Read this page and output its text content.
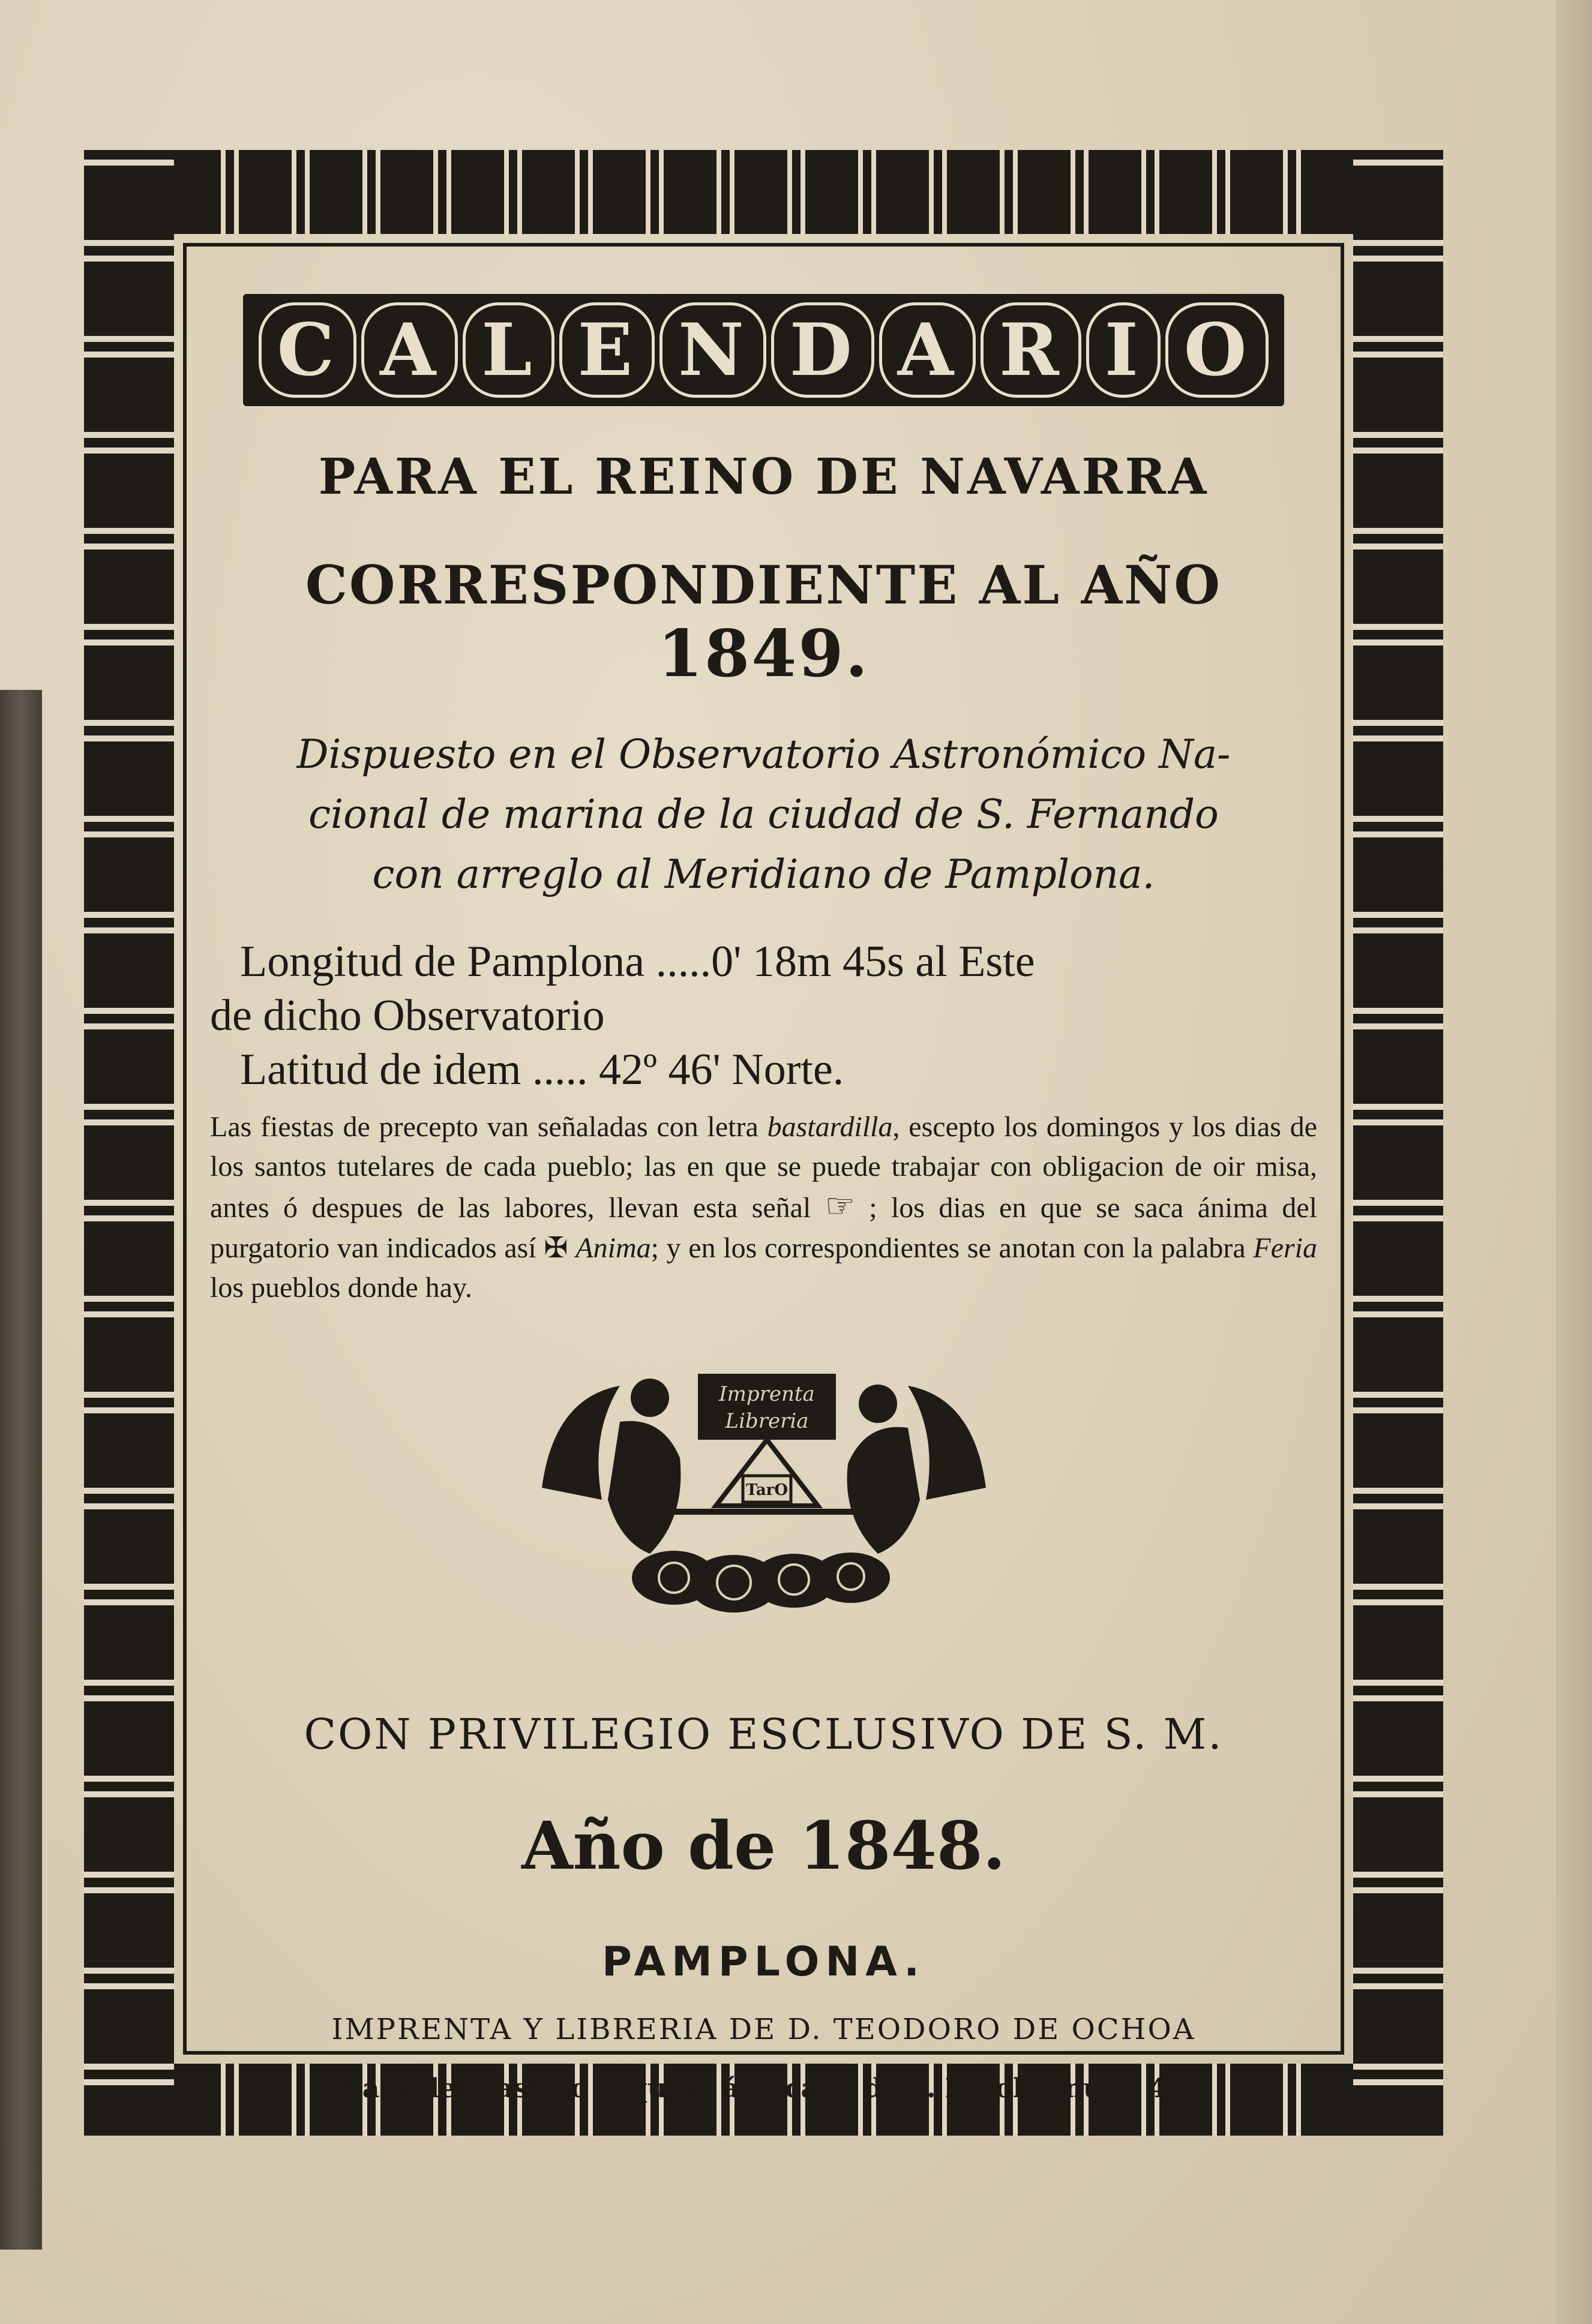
C A L E N D A R I O
PARA EL REINO DE NAVARRA
CORRESPONDIENTE AL AÑO 1849.
Dispuesto en el Observatorio Astronómico Na-
cional de marina de la ciudad de S. Fernando
con arreglo al Meridiano de Pamplona.
Longitud de Pamplona .....0' 18m 45s al Este
de dicho Observatorio
Latitud de idem ..... 42º 46' Norte.
Las fiestas de precepto van señaladas con letra bastardilla, escepto los domingos y los dias de los santos tutelares de cada pueblo; las en que se puede trabajar con obligacion de oir misa, antes ó despues de las labores, llevan esta señal ☞ ; los dias en que se saca ánima del purgatorio van indicados así ✠ Anima; y en los correspondientes se anotan con la palabra Feria los pueblos donde hay.
Imprenta
Libreria
TarO
CON PRIVILEGIO ESCLUSIVO DE S. M.
Año de 1848.
PAMPLONA.
IMPRENTA Y LIBRERIA DE D. TEODORO DE OCHOA
Plaza del Castillo esquina á la calle de S. Nicolas núm. 40.
